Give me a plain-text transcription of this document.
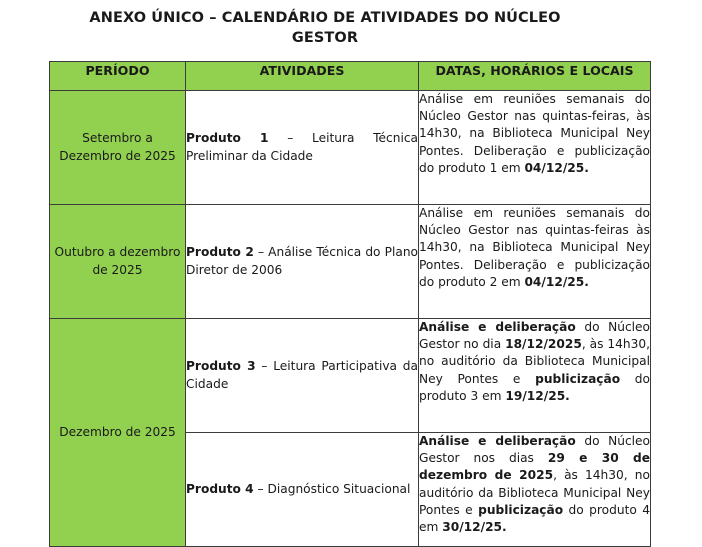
ANEXO ÚNICO – CALENDÁRIO DE ATIVIDADES DO NÚCLEO
GESTOR
PERÍODO	ATIVIDADES	DATAS, HORÁRIOS E LOCAIS
Setembro a Dezembro de 2025	Produto 1 – Leitura Técnica Preliminar da Cidade	Análise em reuniões semanais do Núcleo Gestor nas quintas-feiras, às 14h30, na Biblioteca Municipal Ney Pontes. Deliberação e publicização do produto 1 em 04/12/25.
Outubro a dezembro de 2025	Produto 2 – Análise Técnica do Plano Diretor de 2006	Análise em reuniões semanais do Núcleo Gestor nas quintas-feiras às 14h30, na Biblioteca Municipal Ney Pontes. Deliberação e publicização do produto 2 em 04/12/25.
Dezembro de 2025	Produto 3 – Leitura Participativa da Cidade	Análise e deliberação do Núcleo Gestor no dia 18/12/2025, às 14h30, no auditório da Biblioteca Municipal Ney Pontes e publicização do produto 3 em 19/12/25.
	Produto 4 – Diagnóstico Situacional	Análise e deliberação do Núcleo Gestor nos dias 29 e 30 de dezembro de 2025, às 14h30, no auditório da Biblioteca Municipal Ney Pontes e publicização do produto 4 em 30/12/25.
